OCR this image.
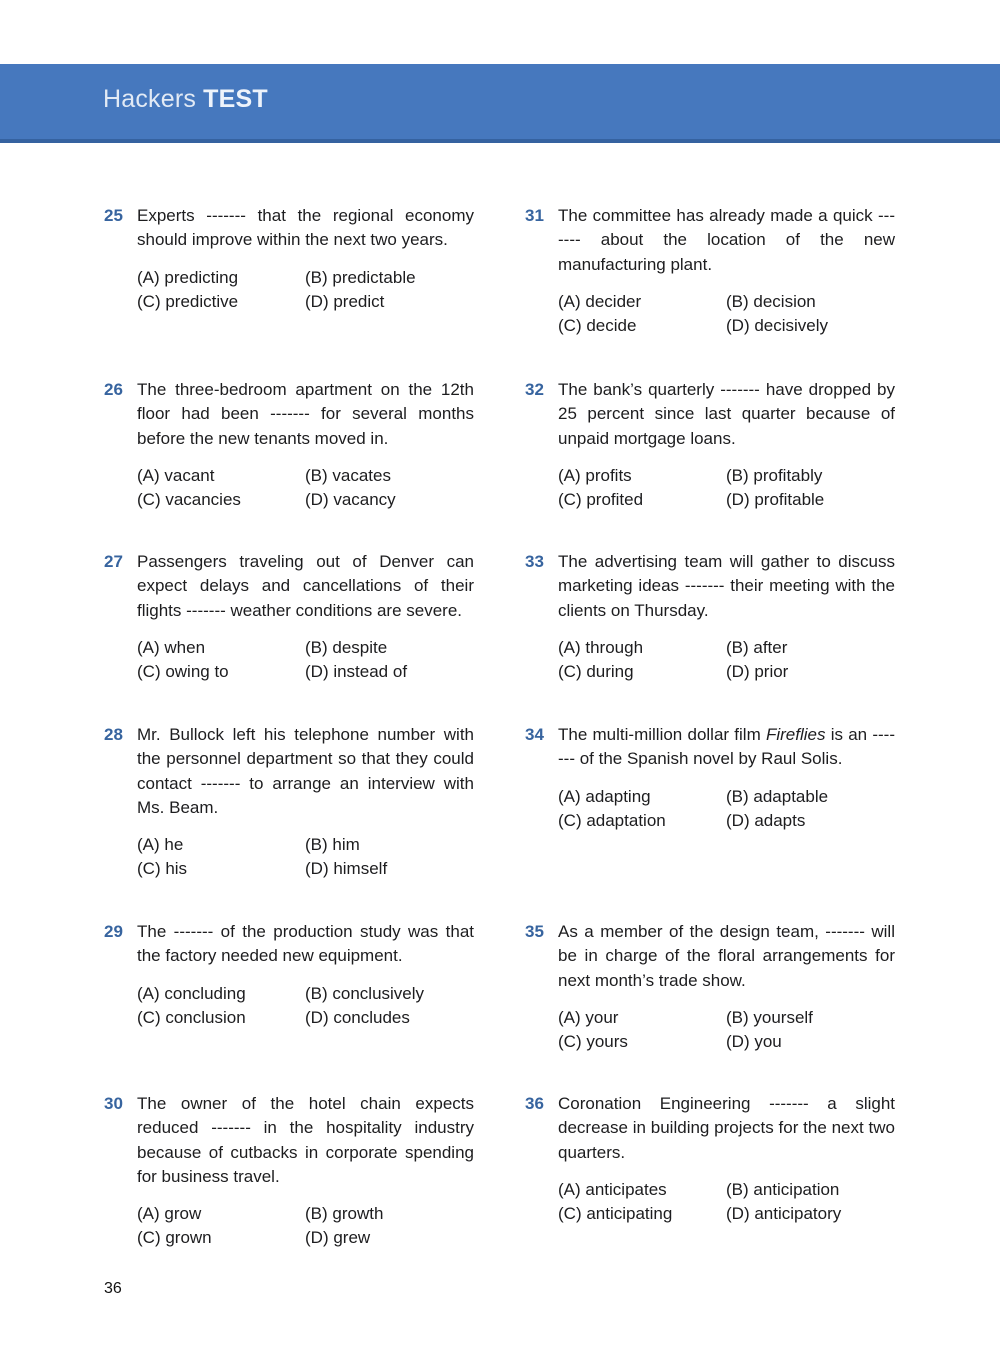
Hackers TEST
25 Experts ------- that the regional economy should improve within the next two years.

(A) predicting	(B) predictable
(C) predictive	(D) predict
26 The three-bedroom apartment on the 12th floor had been ------- for several months before the new tenants moved in.

(A) vacant	(B) vacates
(C) vacancies	(D) vacancy
27 Passengers traveling out of Denver can expect delays and cancellations of their flights ------- weather conditions are severe.

(A) when	(B) despite
(C) owing to	(D) instead of
28 Mr. Bullock left his telephone number with the personnel department so that they could contact ------- to arrange an interview with Ms. Beam.

(A) he	(B) him
(C) his	(D) himself
29 The ------- of the production study was that the factory needed new equipment.

(A) concluding	(B) conclusively
(C) conclusion	(D) concludes
30 The owner of the hotel chain expects reduced ------- in the hospitality industry because of cutbacks in corporate spending for business travel.

(A) grow	(B) growth
(C) grown	(D) grew
31 The committee has already made a quick ------- about the location of the new manufacturing plant.

(A) decider	(B) decision
(C) decide	(D) decisively
32 The bank’s quarterly ------- have dropped by 25 percent since last quarter because of unpaid mortgage loans.

(A) profits	(B) profitably
(C) profited	(D) profitable
33 The advertising team will gather to discuss marketing ideas ------- their meeting with the clients on Thursday.

(A) through	(B) after
(C) during	(D) prior
34 The multi-million dollar film Fireflies is an ------- of the Spanish novel by Raul Solis.

(A) adapting	(B) adaptable
(C) adaptation	(D) adapts
35 As a member of the design team, ------- will be in charge of the floral arrangements for next month’s trade show.

(A) your	(B) yourself
(C) yours	(D) you
36 Coronation Engineering ------- a slight decrease in building projects for the next two quarters.

(A) anticipates	(B) anticipation
(C) anticipating	(D) anticipatory
36
